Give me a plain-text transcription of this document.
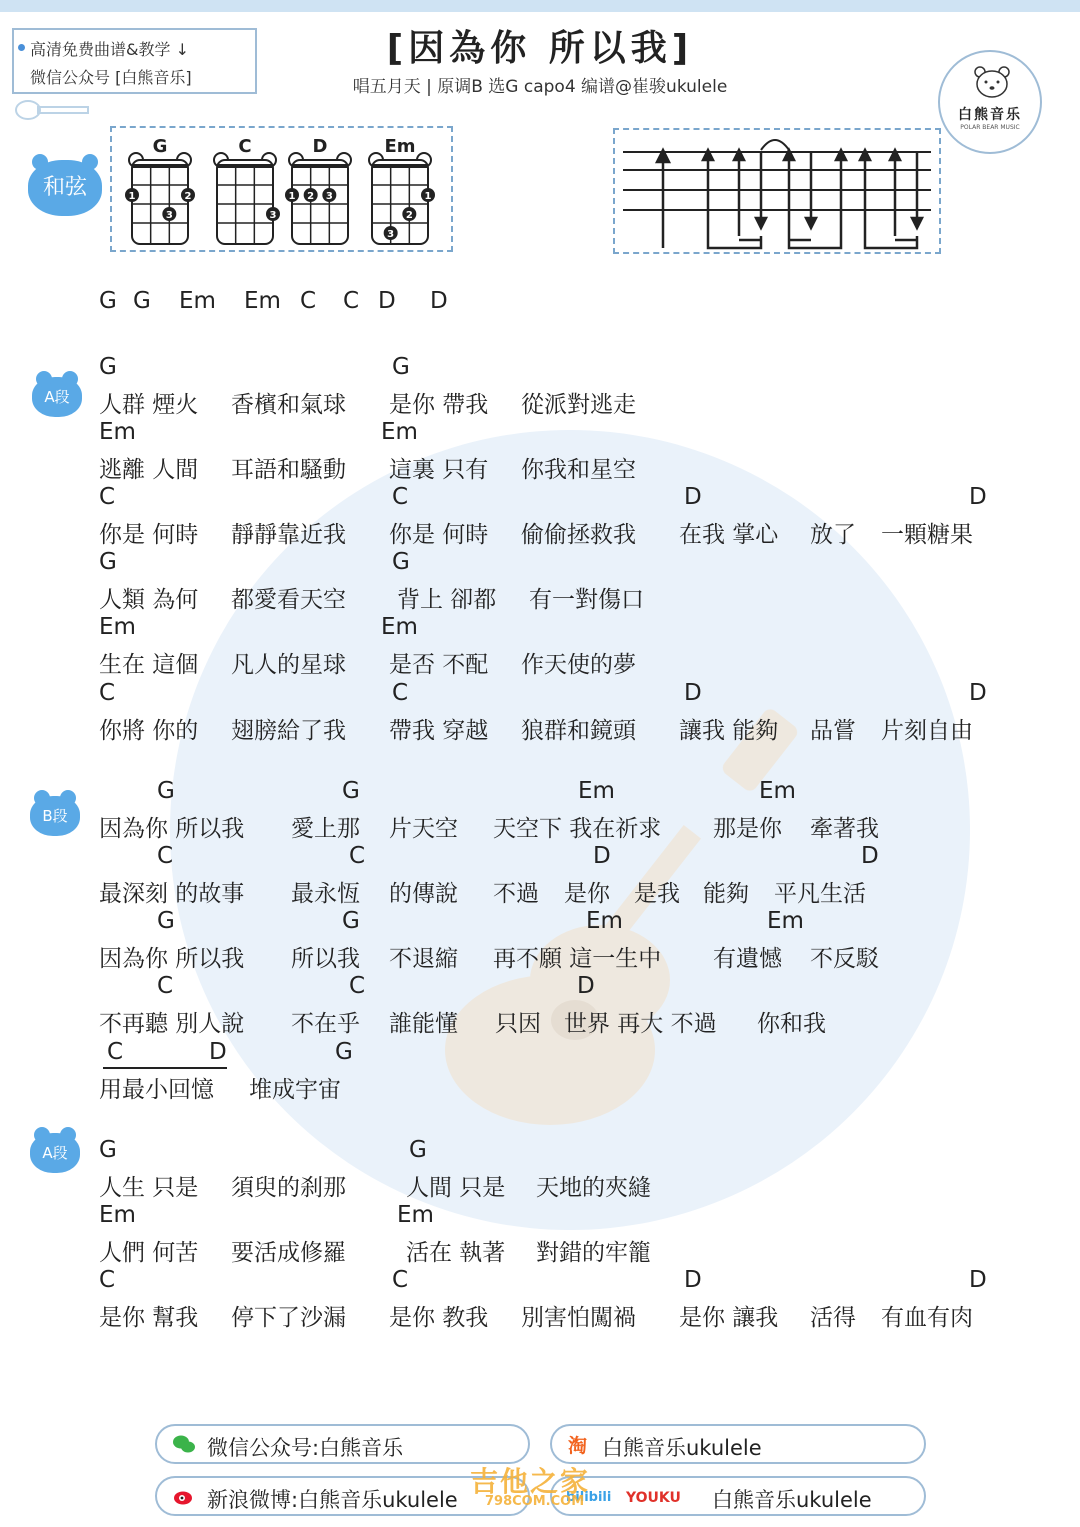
高清免费曲谱&教学 ↓
微信公众号 [白熊音乐]
[因為你 所以我]
唱五月天 | 原调B 选G capo4 编谱@崔骏ukulele
白熊音乐
POLAR BEAR MUSIC
和弦
G
1	2
3
C
3
D
1 2 3
Em
1
2
3

G

G

Em

Em

C

C

D

D

A段
B段
A段

G

	G

人群 煙火

香檳和氣球

是你 帶我

從派對逃走

Em

	Em

逃離 人間

耳語和騷動

這裏 只有

你我和星空

C

	C

	D

	D

你是 何時

靜靜靠近我

你是 何時

偷偷拯救我

在我 掌心

放了

一顆糖果

G

	G

人類 為何

都愛看天空

背上 卻都

有一對傷口

Em

	Em

生在 這個

凡人的星球

是否 不配

作天使的夢

C

	C

	D

	D

你將 你的

翅膀給了我

帶我 穿越

狼群和鏡頭

讓我 能夠

品嘗

片刻自由

G

	G

	Em

	Em

因為你 所以我

愛上那

片天空

天空下 我在祈求

那是你

牽著我

C

	C

	D

	D

最深刻 的故事

最永恆

的傳說

不過

是你

是我

能夠

平凡生活

G

	G

	Em

	Em

因為你 所以我

所以我

不退縮

再不願 這一生中

有遺憾

不反駁

C

	C

	D

不再聽 別人說

不在乎

誰能懂

只因

世界 再大 不過

你和我

C

	D

	G

用最小回憶

堆成宇宙

G

	G

人生 只是

須臾的刹那

	人間 只是

天地的夾縫

Em

	Em

人們 何苦

要活成修羅

	活在 執著

對錯的牢籠

C

	C

	D

	D

是你 幫我

停下了沙漏

是你 教我

別害怕闖禍

是你 讓我

活得

有血有肉

微信公众号:白熊音乐	淘 白熊音乐ukulele
新浪微博:白熊音乐ukulele	白熊音乐ukulele
bilibili YOUKU
吉他之家
798COM.COM
